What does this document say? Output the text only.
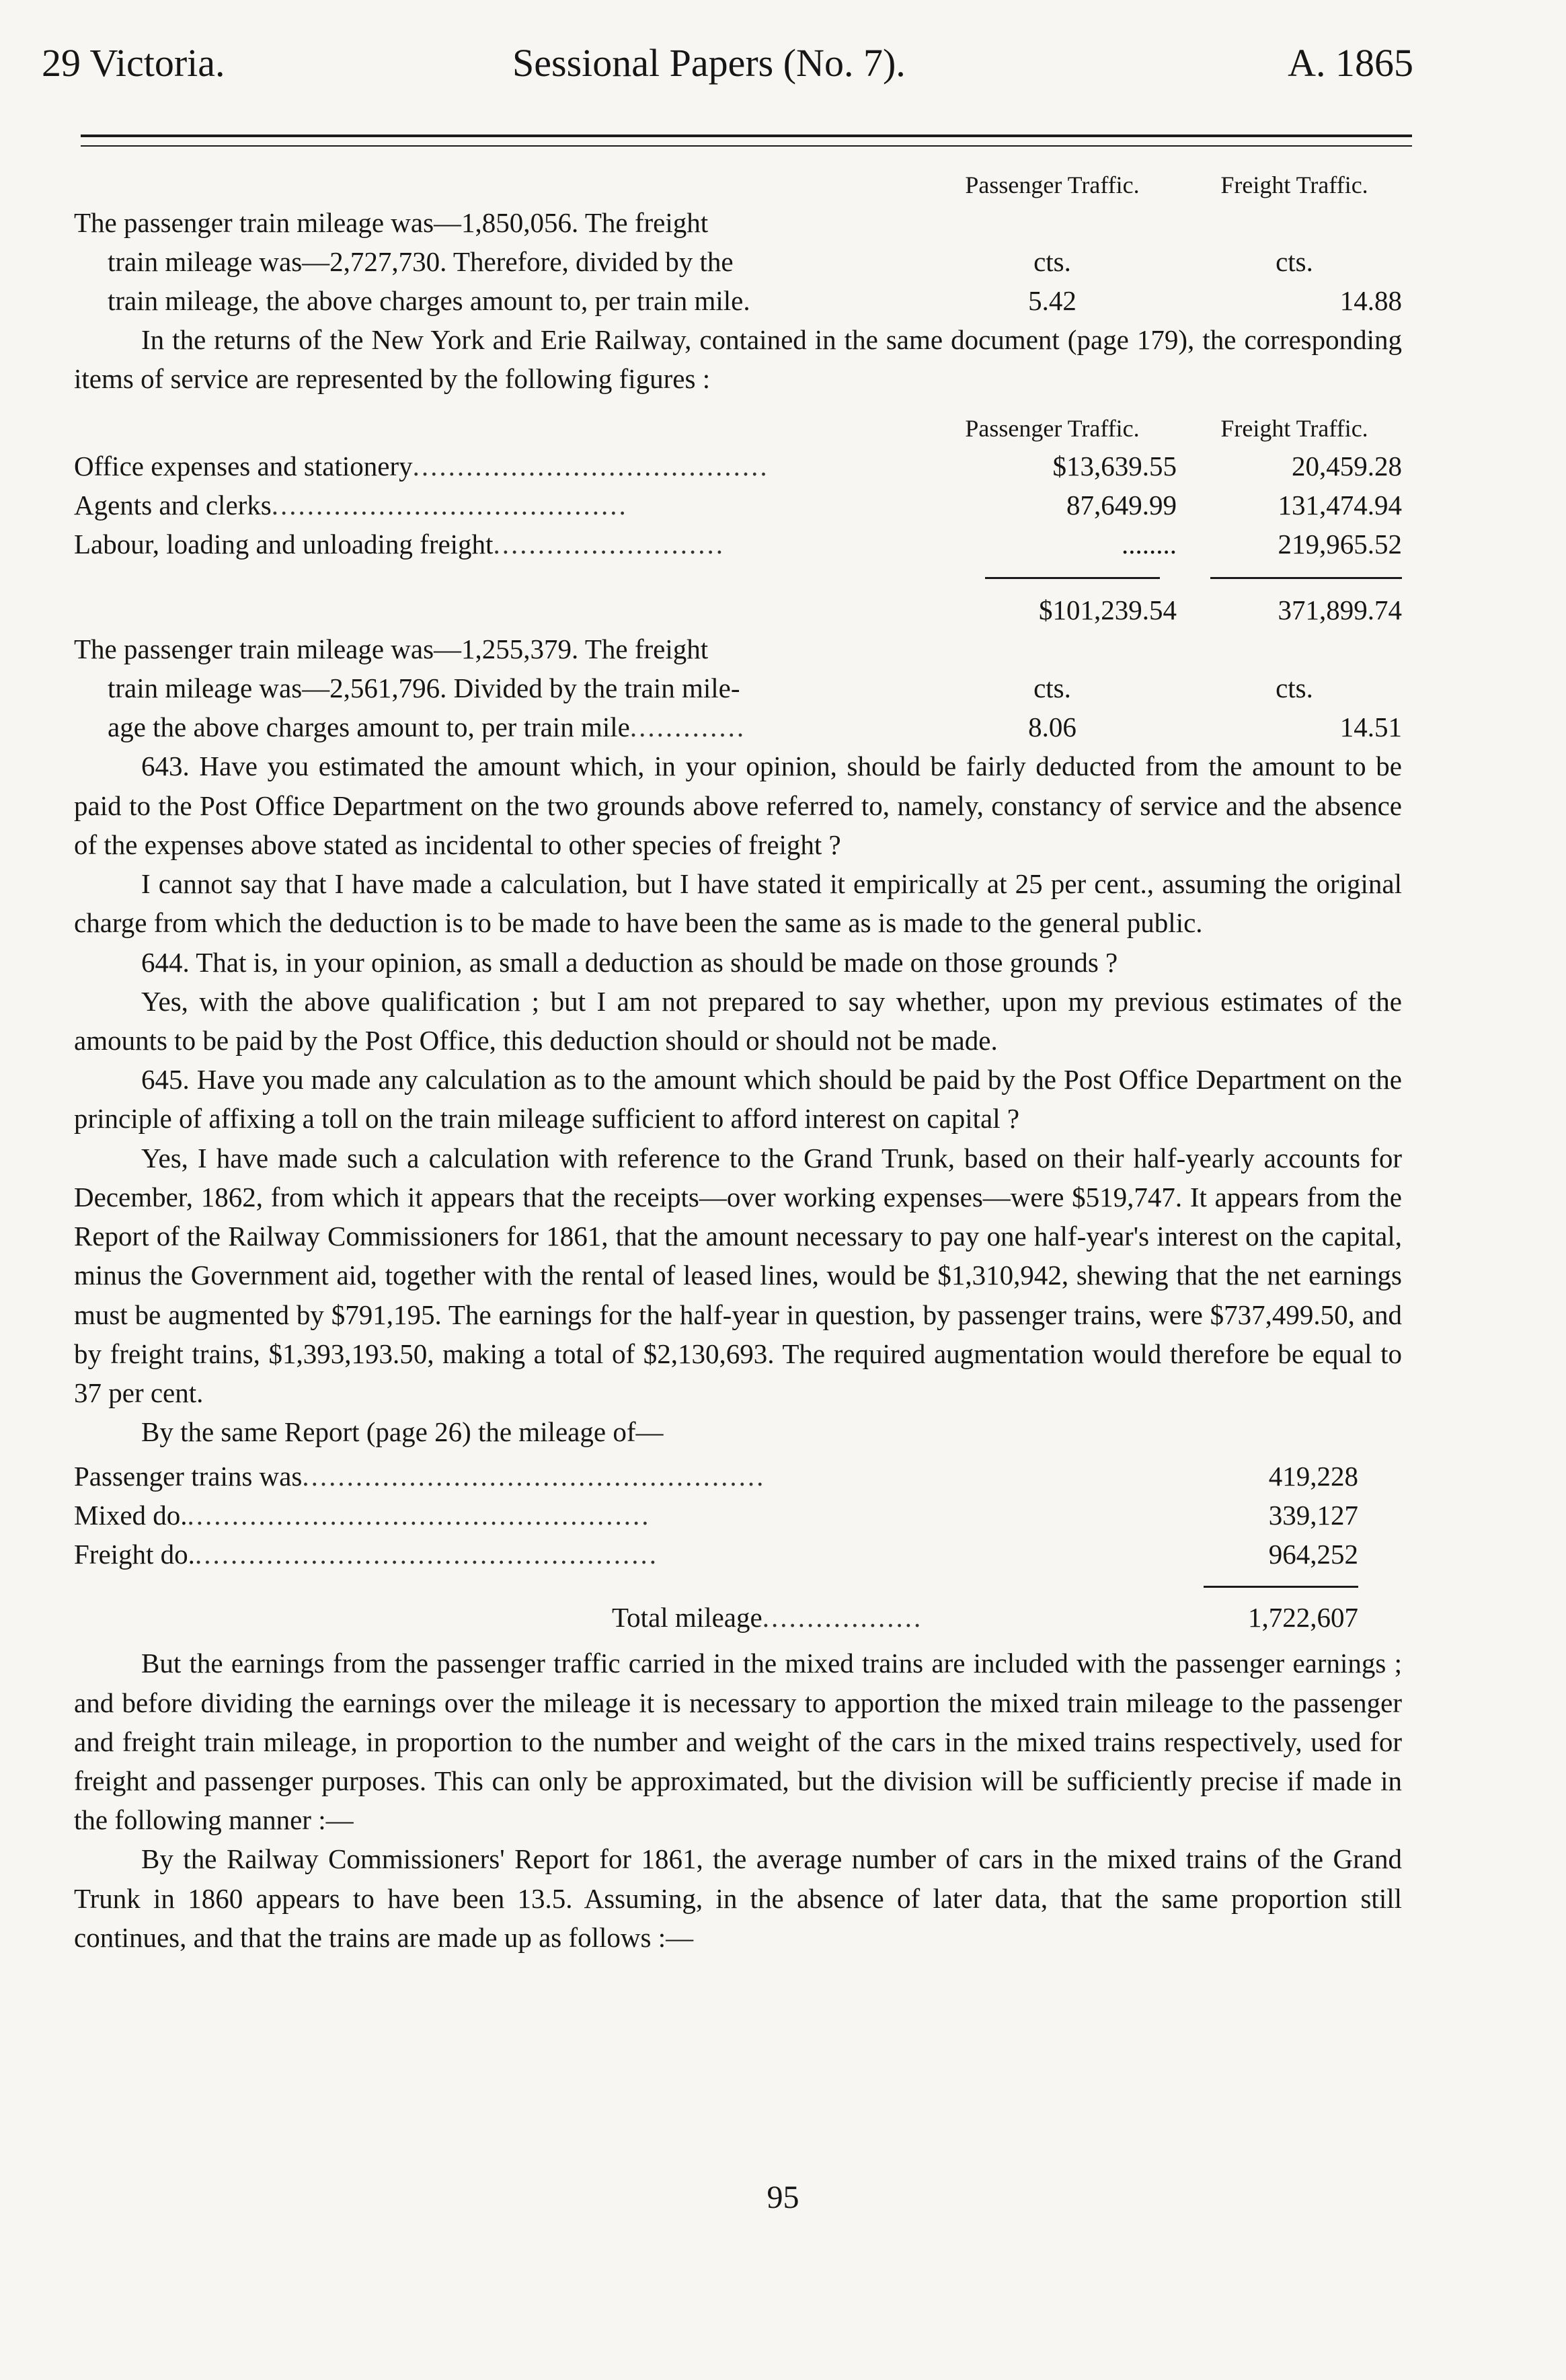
29 Victoria.	Sessional Papers (No. 7).	A. 1865
Passenger Traffic.	Freight Traffic.
The passenger train mileage was—1,850,056. The freight
train mileage was—2,727,730. Therefore, divided by the	cts.	cts.
train mileage, the above charges amount to, per train mile.	5.42	14.88

In the returns of the New York and Erie Railway, contained in the same document (page 179), the corresponding items of service are represented by the following figures :

Passenger Traffic.	Freight Traffic.
Office expenses and stationery........................................	$13,639.55	20,459.28
Agents and clerks........................................	87,649.99	131,474.94
Labour, loading and unloading freight..........................	........	219,965.52
$101,239.54	371,899.74
The passenger train mileage was—1,255,379. The freight
train mileage was—2,561,796. Divided by the train mile-	cts.	cts.
age the above charges amount to, per train mile.............	8.06	14.51

643. Have you estimated the amount which, in your opinion, should be fairly deducted from the amount to be paid to the Post Office Department on the two grounds above referred to, namely, constancy of service and the absence of the expenses above stated as incidental to other species of freight ?

I cannot say that I have made a calculation, but I have stated it empirically at 25 per cent., assuming the original charge from which the deduction is to be made to have been the same as is made to the general public.

644. That is, in your opinion, as small a deduction as should be made on those grounds ?

Yes, with the above qualification ; but I am not prepared to say whether, upon my previous estimates of the amounts to be paid by the Post Office, this deduction should or should not be made.

645. Have you made any calculation as to the amount which should be paid by the Post Office Department on the principle of affixing a toll on the train mileage sufficient to afford interest on capital ?

Yes, I have made such a calculation with reference to the Grand Trunk, based on their half-yearly accounts for December, 1862, from which it appears that the receipts—over working expenses—were $519,747. It appears from the Report of the Railway Commissioners for 1861, that the amount necessary to pay one half-year's interest on the capital, minus the Government aid, together with the rental of leased lines, would be $1,310,942, shewing that the net earnings must be augmented by $791,195. The earnings for the half-year in question, by passenger trains, were $737,499.50, and by freight trains, $1,393,193.50, making a total of $2,130,693. The required augmentation would therefore be equal to 37 per cent.

By the same Report (page 26) the mileage of—

Passenger trains was....................................................	419,228
Mixed do.....................................................	339,127
Freight do.....................................................	964,252
Total mileage..................	1,722,607

But the earnings from the passenger traffic carried in the mixed trains are included with the passenger earnings ; and before dividing the earnings over the mileage it is necessary to apportion the mixed train mileage to the passenger and freight train mileage, in proportion to the number and weight of the cars in the mixed trains respectively, used for freight and passenger purposes. This can only be approximated, but the division will be sufficiently precise if made in the following manner :—

By the Railway Commissioners' Report for 1861, the average number of cars in the mixed trains of the Grand Trunk in 1860 appears to have been 13.5. Assuming, in the absence of later data, that the same proportion still continues, and that the trains are made up as follows :—

95
